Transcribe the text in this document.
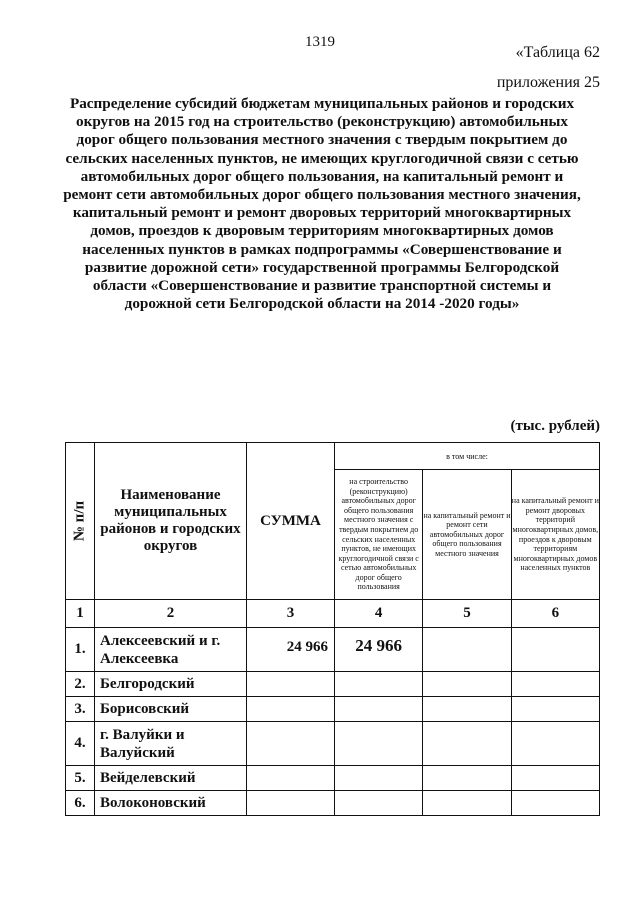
1319
«Таблица 62
приложения 25
Распределение субсидий бюджетам муниципальных районов и городских округов на 2015 год на строительство (реконструкцию) автомобильных дорог общего пользования местного значения с твердым покрытием до сельских населенных пунктов, не имеющих круглогодичной связи с сетью автомобильных дорог общего пользования, на капитальный ремонт и ремонт сети автомобильных дорог общего пользования местного значения, капитальный ремонт и ремонт дворовых территорий многоквартирных домов, проездов к дворовым территориям многоквартирных домов населенных пунктов в рамках подпрограммы «Совершенствование и развитие дорожной сети» государственной программы Белгородской области «Совершенствование и развитие транспортной системы и дорожной сети Белгородской области на 2014 -2020 годы»
(тыс. рублей)
№ п/п	Наименование муниципальных районов и городских округов	СУММА	в том числе:		
			на строительство (реконструкцию) автомобильных дорог общего пользования местного значения с твердым покрытием до сельских населенных пунктов, не имеющих круглогодичной связи с сетью автомобильных дорог общего пользования	на капитальный ремонт и ремонт сети автомобильных дорог общего пользования местного значения	на капитальный ремонт и ремонт дворовых территорий многоквартирных домов, проездов к дворовым территориям многоквартирных домов населенных пунктов
1	2	3	4	5	6
1.	Алексеевский и г. Алексеевка	24 966	24 966		
2.	Белгородский				
3.	Борисовский				
4.	г. Валуйки и Валуйский				
5.	Вейделевский				
6.	Волоконовский				
